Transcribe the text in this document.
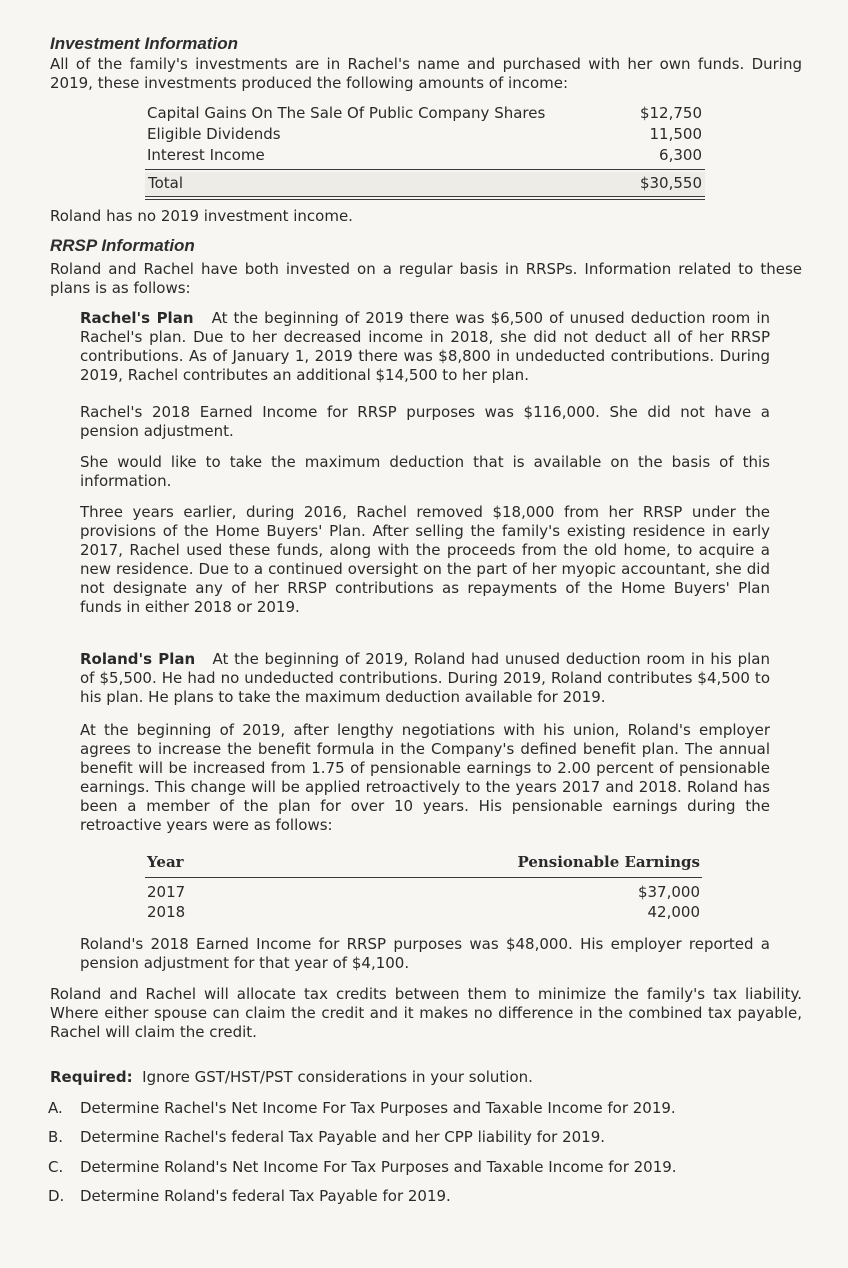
Investment Information

All of the family's investments are in Rachel's name and purchased with her own funds. During 2019, these investments produced the following amounts of income:

Capital Gains On The Sale Of Public Company Shares	$12,750
Eligible Dividends	11,500
Interest Income	6,300
Total	$30,550

Roland has no 2019 investment income.

RRSP Information

Roland and Rachel have both invested on a regular basis in RRSPs. Information related to these plans is as follows:

Rachel's Plan At the beginning of 2019 there was $6,500 of unused deduction room in Rachel's plan. Due to her decreased income in 2018, she did not deduct all of her RRSP contributions. As of January 1, 2019 there was $8,800 in undeducted contributions. During 2019, Rachel contributes an additional $14,500 to her plan.

Rachel's 2018 Earned Income for RRSP purposes was $116,000. She did not have a pension adjustment.

She would like to take the maximum deduction that is available on the basis of this information.

Three years earlier, during 2016, Rachel removed $18,000 from her RRSP under the provisions of the Home Buyers' Plan. After selling the family's existing residence in early 2017, Rachel used these funds, along with the proceeds from the old home, to acquire a new residence. Due to a continued oversight on the part of her myopic accountant, she did not designate any of her RRSP contributions as repayments of the Home Buyers' Plan funds in either 2018 or 2019.

Roland's Plan At the beginning of 2019, Roland had unused deduction room in his plan of $5,500. He had no undeducted contributions. During 2019, Roland contributes $4,500 to his plan. He plans to take the maximum deduction available for 2019.

At the beginning of 2019, after lengthy negotiations with his union, Roland's employer agrees to increase the benefit formula in the Company's defined benefit plan. The annual benefit will be increased from 1.75 of pensionable earnings to 2.00 percent of pensionable earnings. This change will be applied retroactively to the years 2017 and 2018. Roland has been a member of the plan for over 10 years. His pensionable earnings during the retroactive years were as follows:

Year	Pensionable Earnings
2017	$37,000
2018	42,000

Roland's 2018 Earned Income for RRSP purposes was $48,000. His employer reported a pension adjustment for that year of $4,100.

Roland and Rachel will allocate tax credits between them to minimize the family's tax liability. Where either spouse can claim the credit and it makes no difference in the combined tax payable, Rachel will claim the credit.

Required: Ignore GST/HST/PST considerations in your solution.

A. Determine Rachel's Net Income For Tax Purposes and Taxable Income for 2019.
B. Determine Rachel's federal Tax Payable and her CPP liability for 2019.
C. Determine Roland's Net Income For Tax Purposes and Taxable Income for 2019.
D. Determine Roland's federal Tax Payable for 2019.
